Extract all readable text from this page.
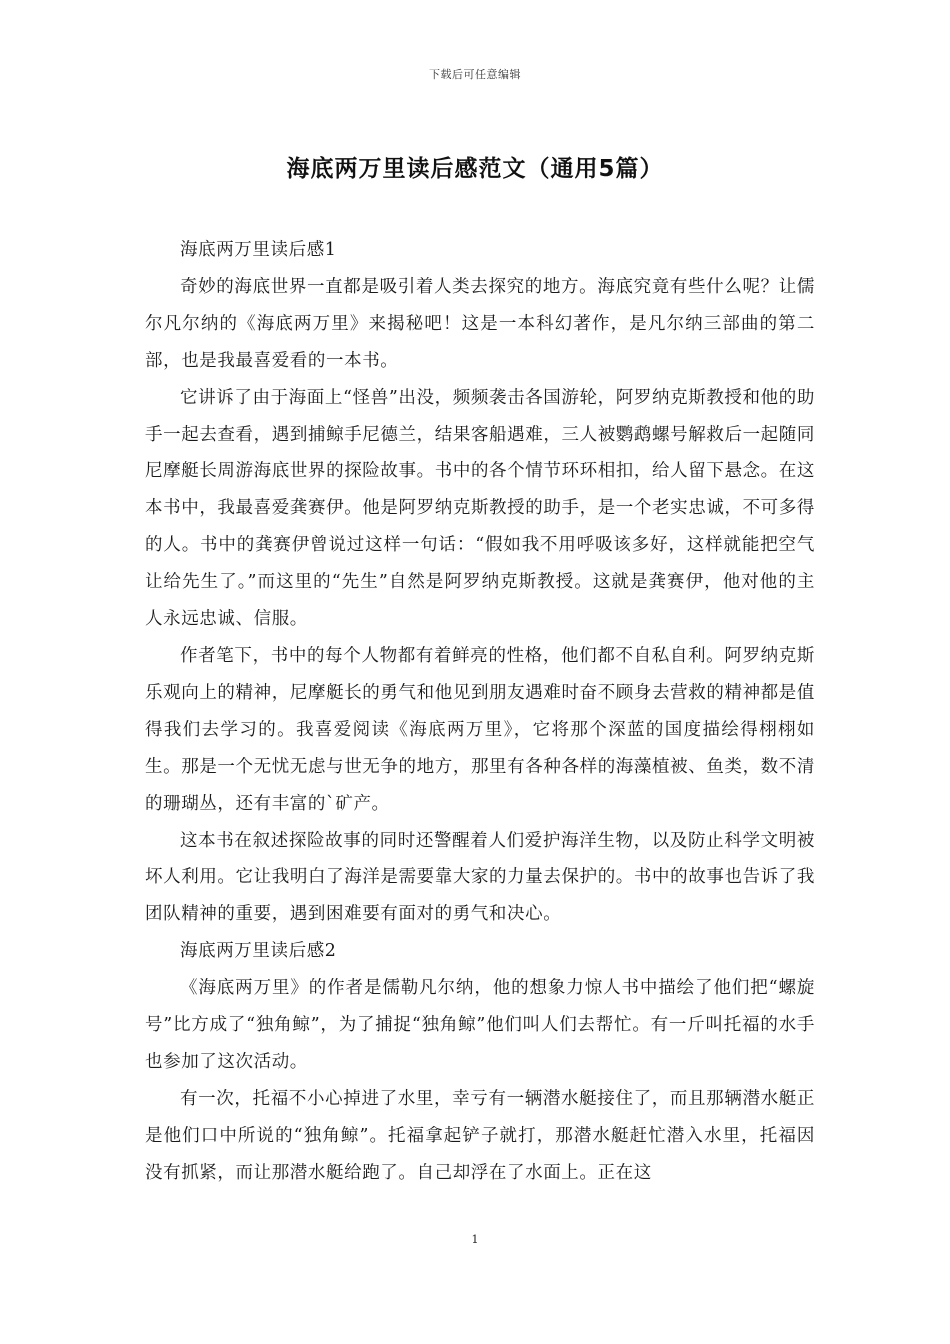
下载后可任意编辑
海底两万里读后感范文（通用5篇）

海底两万里读后感1

奇妙的海底世界一直都是吸引着人类去探究的地方。海底究竟有些什么呢？让儒尔凡尔纳的《海底两万里》来揭秘吧！这是一本科幻著作，是凡尔纳三部曲的第二部，也是我最喜爱看的一本书。

它讲诉了由于海面上“怪兽”出没，频频袭击各国游轮，阿罗纳克斯教授和他的助手一起去查看，遇到捕鲸手尼德兰，结果客船遇难，三人被鹦鹉螺号解救后一起随同尼摩艇长周游海底世界的探险故事。书中的各个情节环环相扣，给人留下悬念。在这本书中，我最喜爱龚赛伊。他是阿罗纳克斯教授的助手，是一个老实忠诚，不可多得的人。书中的龚赛伊曾说过这样一句话：“假如我不用呼吸该多好，这样就能把空气让给先生了。”而这里的“先生”自然是阿罗纳克斯教授。这就是龚赛伊，他对他的主人永远忠诚、信服。

作者笔下，书中的每个人物都有着鲜亮的性格，他们都不自私自利。阿罗纳克斯乐观向上的精神，尼摩艇长的勇气和他见到朋友遇难时奋不顾身去营救的精神都是值得我们去学习的。我喜爱阅读《海底两万里》，它将那个深蓝的国度描绘得栩栩如生。那是一个无忧无虑与世无争的地方，那里有各种各样的海藻植被、鱼类，数不清的珊瑚丛，还有丰富的`矿产。

这本书在叙述探险故事的同时还警醒着人们爱护海洋生物，以及防止科学文明被坏人利用。它让我明白了海洋是需要靠大家的力量去保护的。书中的故事也告诉了我团队精神的重要，遇到困难要有面对的勇气和决心。

海底两万里读后感2

《海底两万里》的作者是儒勒凡尔纳，他的想象力惊人书中描绘了他们把“螺旋号”比方成了“独角鲸”，为了捕捉“独角鲸”他们叫人们去帮忙。有一斤叫托福的水手也参加了这次活动。

有一次，托福不小心掉进了水里，幸亏有一辆潜水艇接住了，而且那辆潜水艇正是他们口中所说的“独角鲸”。托福拿起铲子就打，那潜水艇赶忙潜入水里，托福因没有抓紧，而让那潜水艇给跑了。自己却浮在了水面上。正在这

1
